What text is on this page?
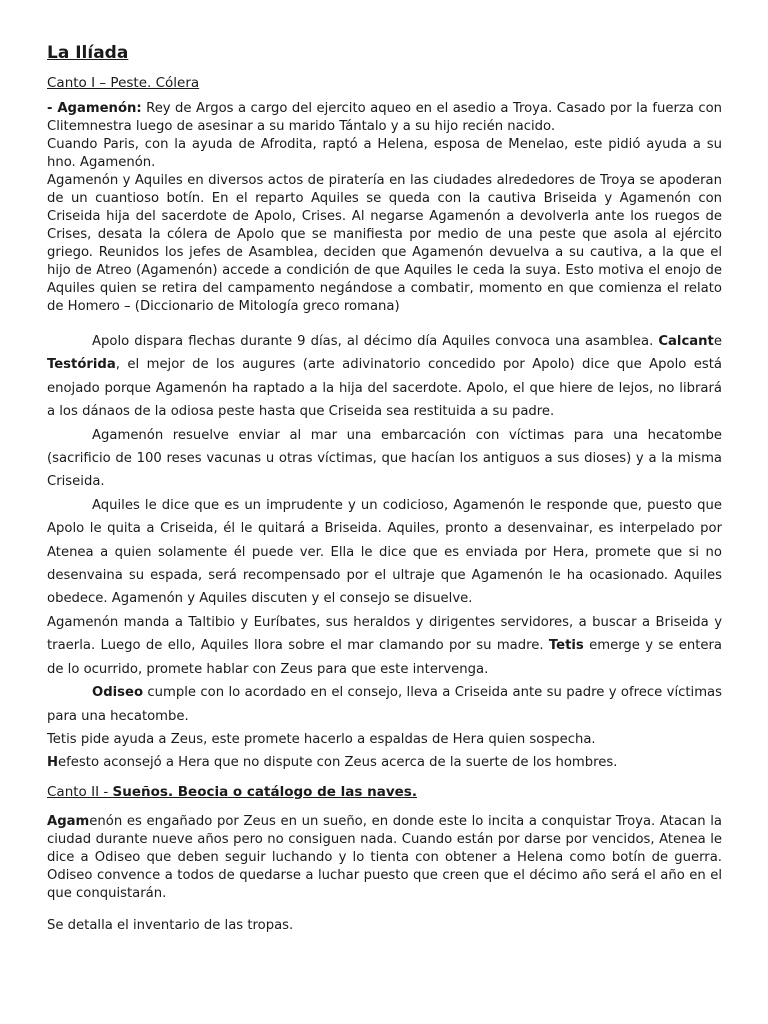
La Ilíada
Canto I – Peste. Cólera

- Agamenón: Rey de Argos a cargo del ejercito aqueo en el asedio a Troya. Casado por la fuerza con Clitemnestra luego de asesinar a su marido Tántalo y a su hijo recién nacido.

Cuando Paris, con la ayuda de Afrodita, raptó a Helena, esposa de Menelao, este pidió ayuda a su hno. Agamenón.

Agamenón y Aquiles en diversos actos de piratería en las ciudades alrededores de Troya se apoderan de un cuantioso botín. En el reparto Aquiles se queda con la cautiva Briseida y Agamenón con Criseida hija del sacerdote de Apolo, Crises. Al negarse Agamenón a devolverla ante los ruegos de Crises, desata la cólera de Apolo que se manifiesta por medio de una peste que asola al ejército griego. Reunidos los jefes de Asamblea, deciden que Agamenón devuelva a su cautiva, a la que el hijo de Atreo (Agamenón) accede a condición de que Aquiles le ceda la suya. Esto motiva el enojo de Aquiles quien se retira del campamento negándose a combatir, momento en que comienza el relato de Homero – (Diccionario de Mitología greco romana)

Apolo dispara flechas durante 9 días, al décimo día Aquiles convoca una asamblea. Calcante Testórida, el mejor de los augures (arte adivinatorio concedido por Apolo) dice que Apolo está enojado porque Agamenón ha raptado a la hija del sacerdote. Apolo, el que hiere de lejos, no librará a los dánaos de la odiosa peste hasta que Criseida sea restituida a su padre.

Agamenón resuelve enviar al mar una embarcación con víctimas para una hecatombe (sacrificio de 100 reses vacunas u otras víctimas, que hacían los antiguos a sus dioses) y a la misma Criseida.

Aquiles le dice que es un imprudente y un codicioso, Agamenón le responde que, puesto que Apolo le quita a Criseida, él le quitará a Briseida. Aquiles, pronto a desenvainar, es interpelado por Atenea a quien solamente él puede ver. Ella le dice que es enviada por Hera, promete que si no desenvaina su espada, será recompensado por el ultraje que Agamenón le ha ocasionado. Aquiles obedece. Agamenón y Aquiles discuten y el consejo se disuelve.

Agamenón manda a Taltibio y Euríbates, sus heraldos y dirigentes servidores, a buscar a Briseida y traerla. Luego de ello, Aquiles llora sobre el mar clamando por su madre. Tetis emerge y se entera de lo ocurrido, promete hablar con Zeus para que este intervenga.

Odiseo cumple con lo acordado en el consejo, lleva a Criseida ante su padre y ofrece víctimas para una hecatombe.

Tetis pide ayuda a Zeus, este promete hacerlo a espaldas de Hera quien sospecha.

Hefesto aconsejó a Hera que no dispute con Zeus acerca de la suerte de los hombres.

Canto II - Sueños. Beocia o catálogo de las naves.

Agamenón es engañado por Zeus en un sueño, en donde este lo incita a conquistar Troya. Atacan la ciudad durante nueve años pero no consiguen nada. Cuando están por darse por vencidos, Atenea le dice a Odiseo que deben seguir luchando y lo tienta con obtener a Helena como botín de guerra. Odiseo convence a todos de quedarse a luchar puesto que creen que el décimo año será el año en el que conquistarán.

Se detalla el inventario de las tropas.
